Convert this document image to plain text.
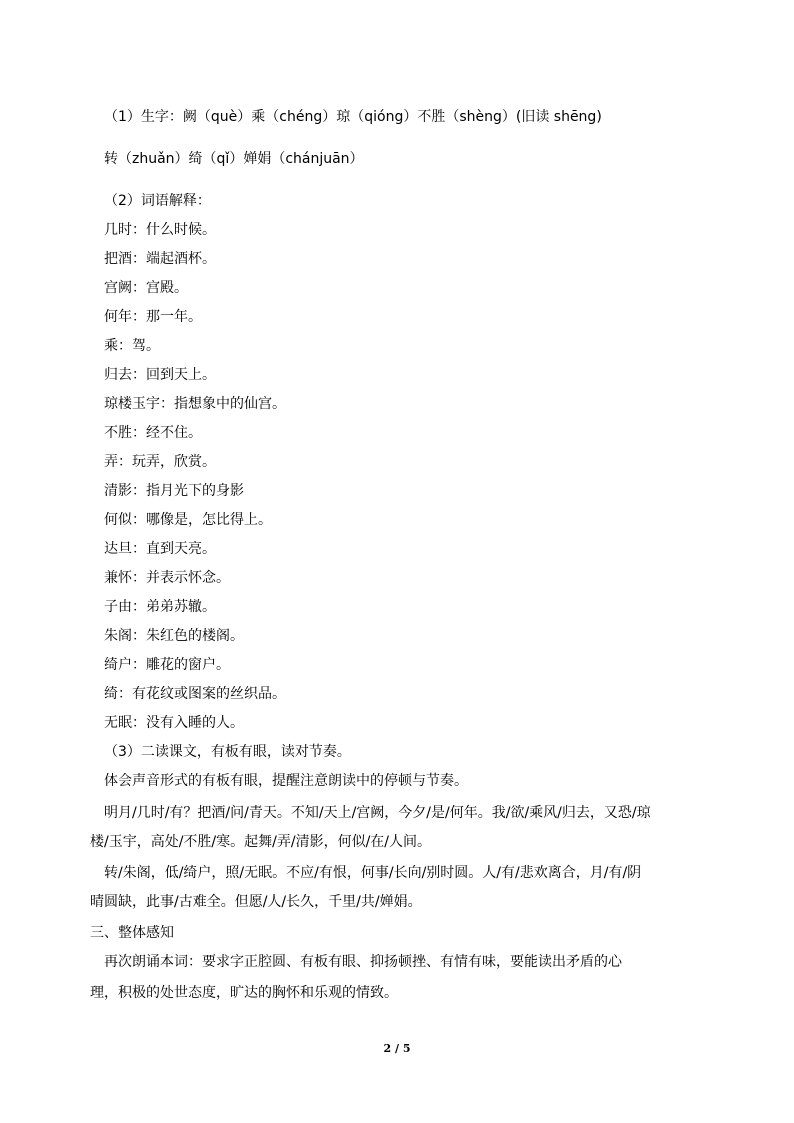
（1）生字：阙（què）乘（chéng）琼（qióng）不胜（shèng）(旧读 shēng)
转（zhuǎn）绮（qǐ）婵娟（chánjuān）
（2）词语解释：
几时：什么时候。
把酒：端起酒杯。
宫阙：宫殿。
何年：那一年。
乘：驾。
归去：回到天上。
琼楼玉宇：指想象中的仙宫。
不胜：经不住。
弄：玩弄，欣赏。
清影：指月光下的身影
何似：哪像是，怎比得上。
达旦：直到天亮。
兼怀：并表示怀念。
子由：弟弟苏辙。
朱阁：朱红色的楼阁。
绮户：雕花的窗户。
绮：有花纹或图案的丝织品。
无眠：没有入睡的人。
（3）二读课文，有板有眼，读对节奏。
体会声音形式的有板有眼，提醒注意朗读中的停顿与节奏。
明月/几时/有？把酒/问/青天。不知/天上/宫阙，今夕/是/何年。我/欲/乘风/归去，又恐/琼
楼/玉宇，高处/不胜/寒。起舞/弄/清影，何似/在/人间。
转/朱阁，低/绮户，照/无眠。不应/有恨，何事/长向/别时圆。人/有/悲欢离合，月/有/阴
晴圆缺，此事/古难全。但愿/人/长久，千里/共/婵娟。
三、整体感知
再次朗诵本词：要求字正腔圆、有板有眼、抑扬顿挫、有情有味，要能读出矛盾的心
理，积极的处世态度，旷达的胸怀和乐观的情致。
2 / 5
